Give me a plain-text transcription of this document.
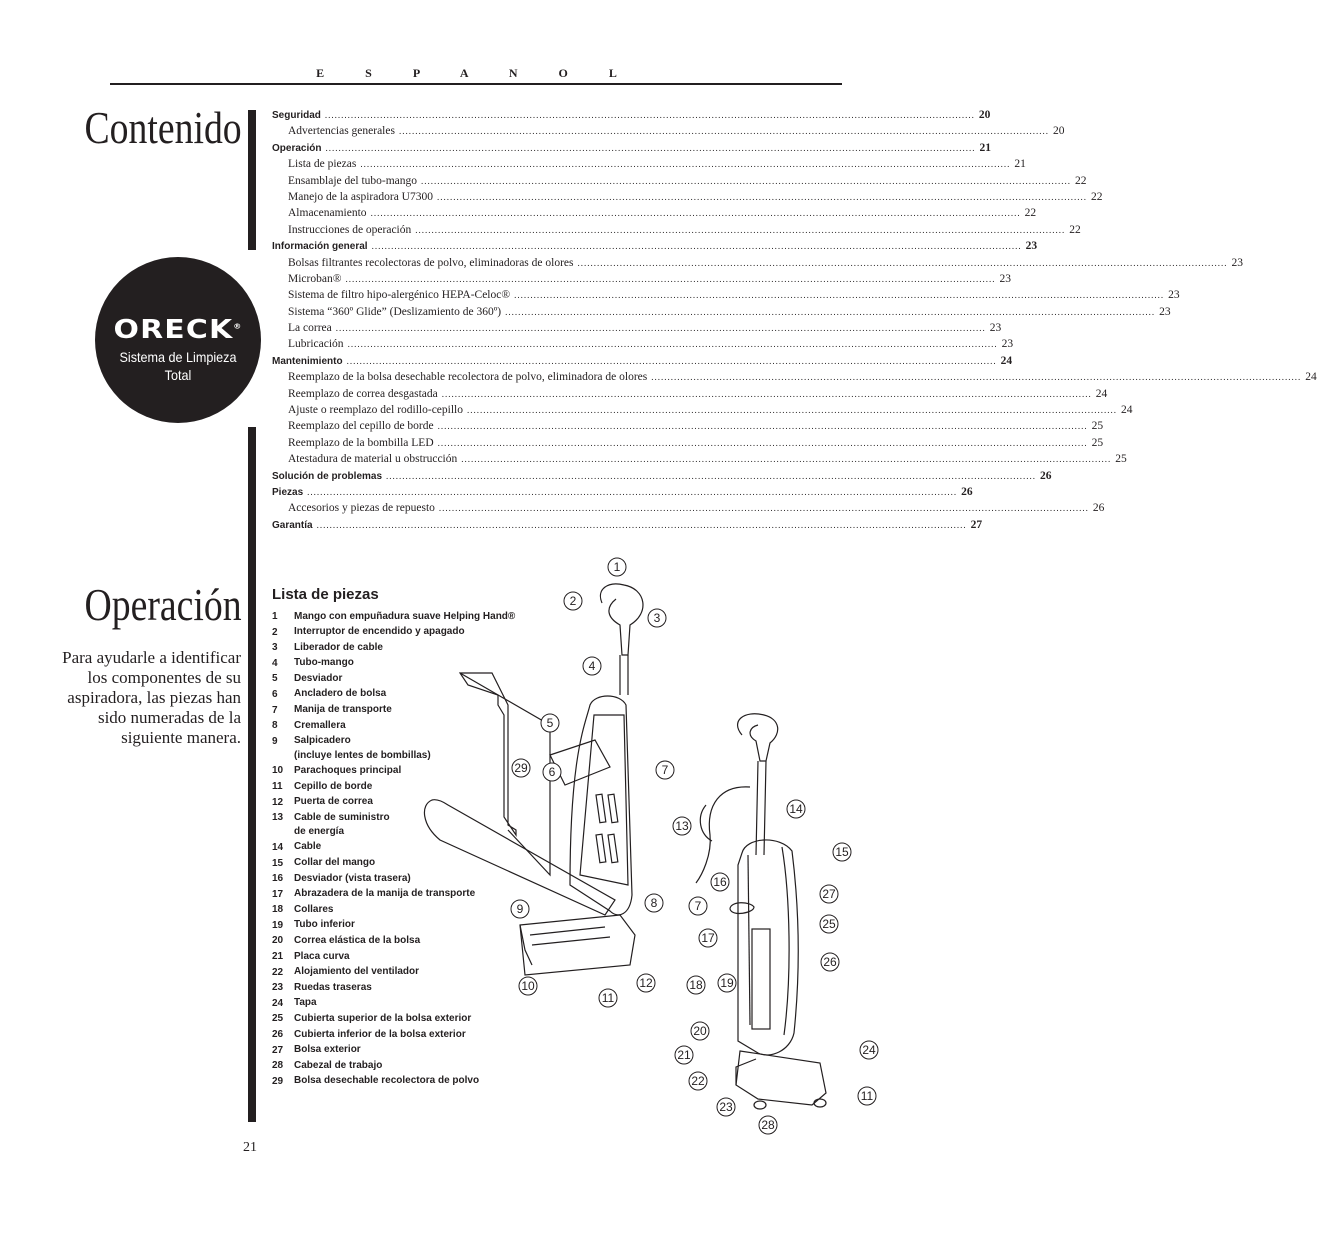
E S P A N O L
Contenido
ORECK®
Sistema de Limpieza
Total
Seguridad ........................................................................................................................................................................................................ 20
Advertencias generales ........................................................................................................................................................................................................ 20
Operación ........................................................................................................................................................................................................ 21
Lista de piezas ........................................................................................................................................................................................................ 21
Ensamblaje del tubo-mango ........................................................................................................................................................................................................ 22
Manejo de la aspiradora U7300 ........................................................................................................................................................................................................ 22
Almacenamiento ........................................................................................................................................................................................................ 22
Instrucciones de operación ........................................................................................................................................................................................................ 22
Información general ........................................................................................................................................................................................................ 23
Bolsas filtrantes recolectoras de polvo, eliminadoras de olores ........................................................................................................................................................................................................ 23
Microban® ........................................................................................................................................................................................................ 23
Sistema de filtro hipo-alergénico HEPA-Celoc® ........................................................................................................................................................................................................ 23
Sistema “360º Glide” (Deslizamiento de 360º) ........................................................................................................................................................................................................ 23
La correa ........................................................................................................................................................................................................ 23
Lubricación ........................................................................................................................................................................................................ 23
Mantenimiento ........................................................................................................................................................................................................ 24
Reemplazo de la bolsa desechable recolectora de polvo, eliminadora de olores ........................................................................................................................................................................................................ 24
Reemplazo de correa desgastada ........................................................................................................................................................................................................ 24
Ajuste o reemplazo del rodillo-cepillo ........................................................................................................................................................................................................ 24
Reemplazo del cepillo de borde ........................................................................................................................................................................................................ 25
Reemplazo de la bombilla LED ........................................................................................................................................................................................................ 25
Atestadura de material u obstrucción ........................................................................................................................................................................................................ 25
Solución de problemas ........................................................................................................................................................................................................ 26
Piezas ........................................................................................................................................................................................................ 26
Accesorios y piezas de repuesto ........................................................................................................................................................................................................ 26
Garantía ........................................................................................................................................................................................................ 27
Operación
Para ayudarle a identificar los componentes de su aspiradora, las piezas han sido numeradas de la siguiente manera.
Lista de piezas
1	Mango con empuñadura suave Helping Hand®
2	Interruptor de encendido y apagado
3	Liberador de cable
4	Tubo-mango
5	Desviador
6	Ancladero de bolsa
7	Manija de transporte
8	Cremallera
9	Salpicadero
(incluye lentes de bombillas)
10	Parachoques principal
11	Cepillo de borde
12	Puerta de correa
13	Cable de suministro
de energía
14	Cable
15	Collar del mango
16	Desviador (vista trasera)
17	Abrazadera de la manija de transporte
18	Collares
19	Tubo inferior
20	Correa elástica de la bolsa
21	Placa curva
22	Alojamiento del ventilador
23	Ruedas traseras
24	Tapa
25	Cubierta superior de la bolsa exterior
26	Cubierta inferior de la bolsa exterior
27	Bolsa exterior
28	Cabezal de trabajo
29	Bolsa desechable recolectora de polvo
1
2
3
4
5
6	7
8
9
10
11
12
29
13
14
15
16
7
17
27
25
26
18 19
20
24
21
22
23
11
28
21
